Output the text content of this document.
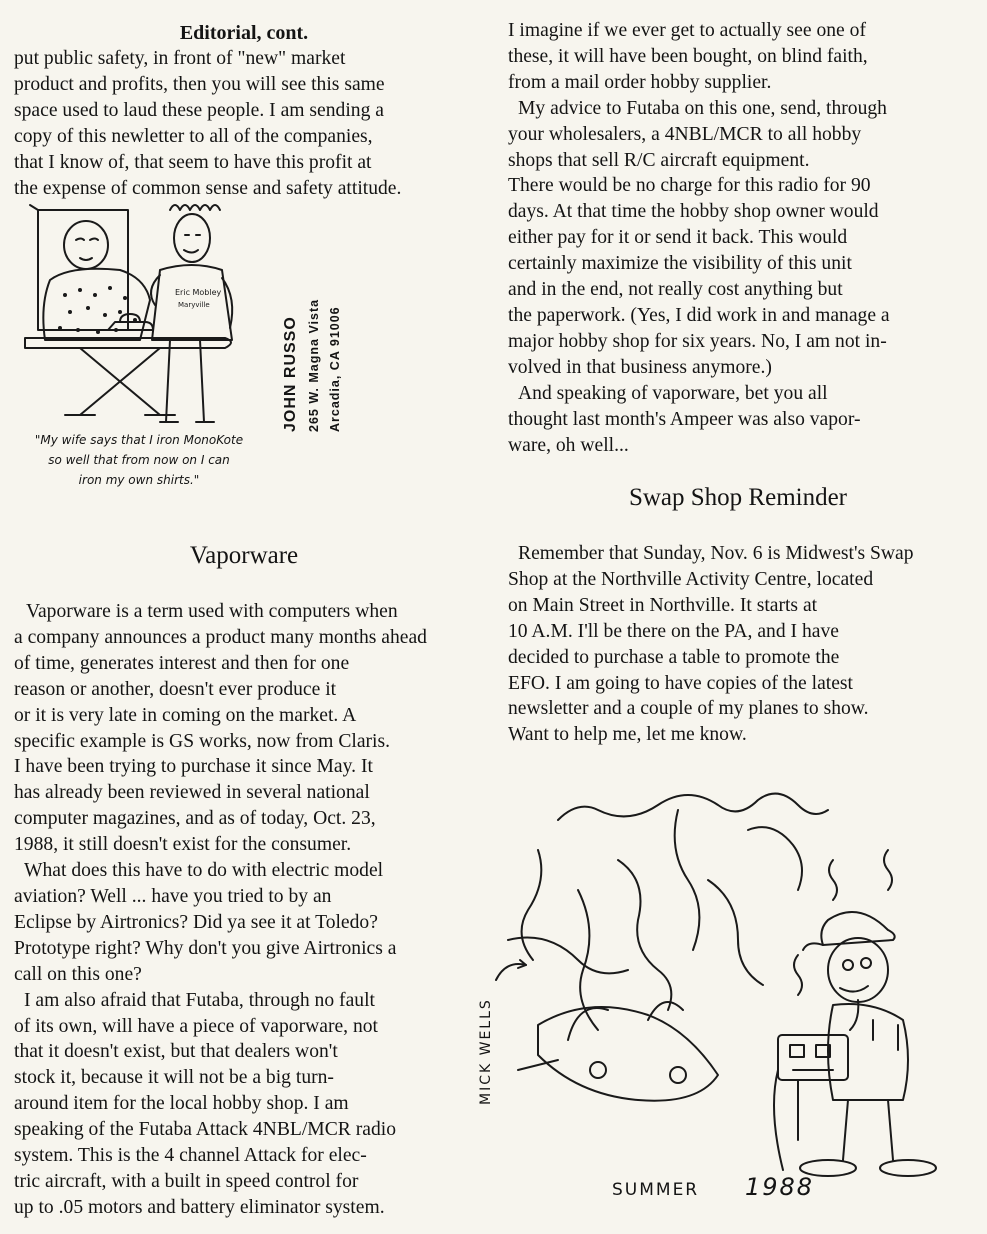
Editorial, cont.

put public safety, in front of "new" market
product and profits, then you will see this same
space used to laud these people. I am sending a
copy of this newletter to all of the companies,
that I know of, that seem to have this profit at
the expense of common sense and safety attitude.

Eric Mobley
Maryville
"My wife says that I iron MonoKote
so well that from now on I can
iron my own shirts."
JOHN RUSSO 265 W. Magna Vista Arcadia, CA 91006
Vaporware

Vaporware is a term used with computers when
a company announces a product many months ahead
of time, generates interest and then for one
reason or another, doesn't ever produce it
or it is very late in coming on the market. A
specific example is GS works, now from Claris.
I have been trying to purchase it since May. It
has already been reviewed in several national
computer magazines, and as of today, Oct. 23,
1988, it still doesn't exist for the consumer.

What does this have to do with electric model
aviation? Well ... have you tried to by an
Eclipse by Airtronics? Did ya see it at Toledo?
Prototype right? Why don't you give Airtronics a
call on this one?

I am also afraid that Futaba, through no fault
of its own, will have a piece of vaporware, not
that it doesn't exist, but that dealers won't
stock it, because it will not be a big turn-
around item for the local hobby shop. I am
speaking of the Futaba Attack 4NBL/MCR radio
system. This is the 4 channel Attack for elec-
tric aircraft, with a built in speed control for
up to .05 motors and battery eliminator system.

I imagine if we ever get to actually see one of
these, it will have been bought, on blind faith,
from a mail order hobby supplier.

My advice to Futaba on this one, send, through
your wholesalers, a 4NBL/MCR to all hobby
shops that sell R/C aircraft equipment.

There would be no charge for this radio for 90
days. At that time the hobby shop owner would
either pay for it or send it back. This would
certainly maximize the visibility of this unit
and in the end, not really cost anything but
the paperwork. (Yes, I did work in and manage a
major hobby shop for six years. No, I am not in-
volved in that business anymore.)

And speaking of vaporware, bet you all
thought last month's Ampeer was also vapor-
ware, oh well...

Swap Shop Reminder

Remember that Sunday, Nov. 6 is Midwest's Swap
Shop at the Northville Activity Centre, located
on Main Street in Northville. It starts at
10 A.M. I'll be there on the PA, and I have
decided to purchase a table to promote the
EFO. I am going to have copies of the latest
newsletter and a couple of my planes to show.
Want to help me, let me know.

MICK WELLS
SUMMER 1988
